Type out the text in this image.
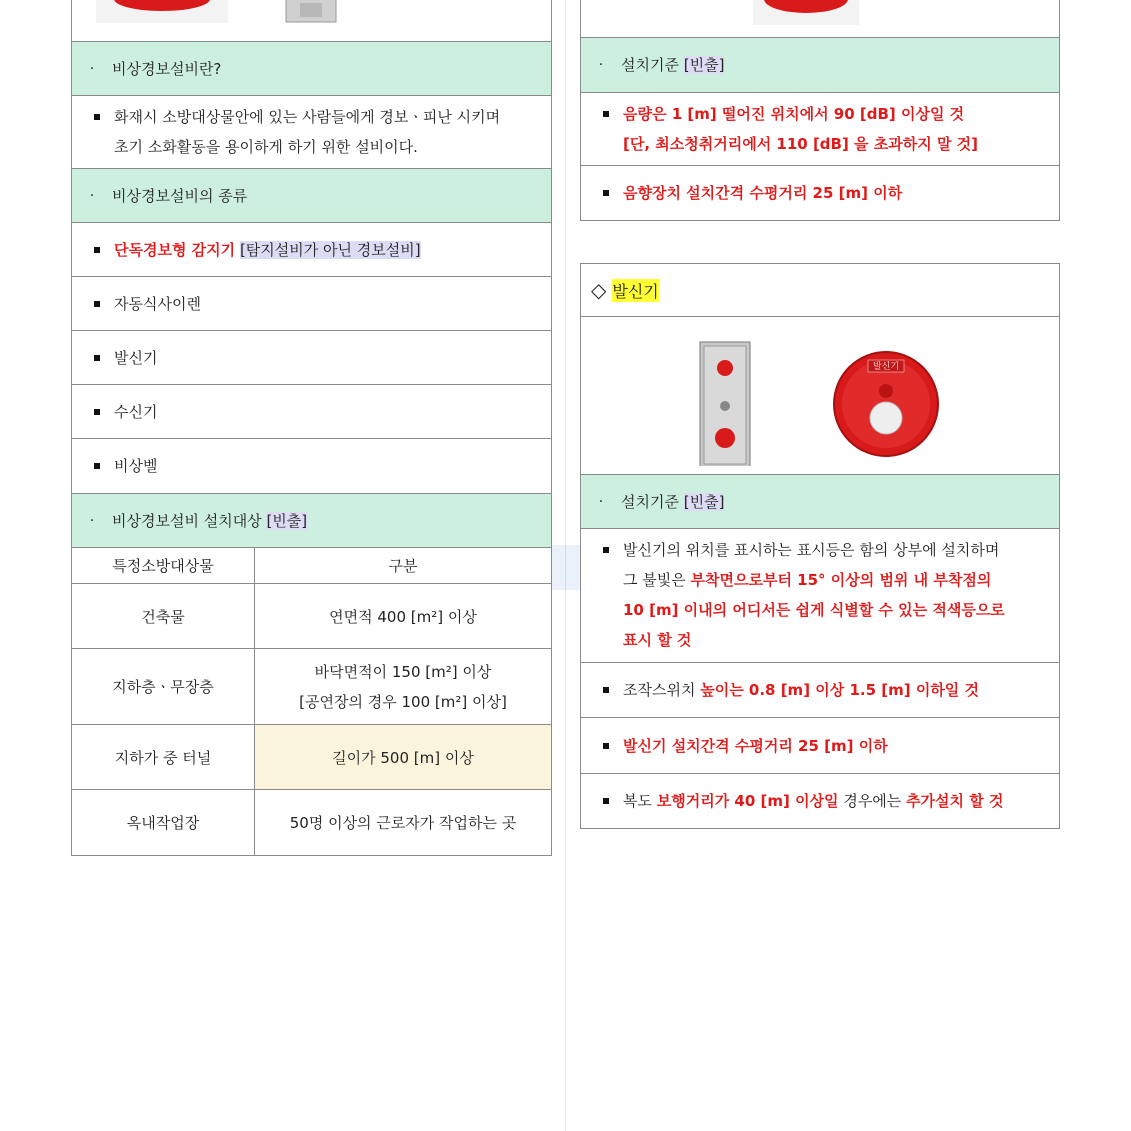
·	비상경보설비란?
화재시 소방대상물안에 있는 사람들에게 경보ㆍ피난 시키며
초기 소화활동을 용이하게 하기 위한 설비이다.
·	비상경보설비의 종류
단독경보형 감지기 [탐지설비가 아닌 경보설비]
자동식사이렌
발신기
수신기
비상벨
·	비상경보설비 설치대상 [빈출]
특정소방대상물	구분
건축물	연면적 400 [m²] 이상
지하층ㆍ무장층	바닥면적이 150 [m²] 이상
[공연장의 경우 100 [m²] 이상]

지하가 중 터널	길이가 500 [m] 이상
옥내작업장	50명 이상의 근로자가 작업하는 곳
·	설치기준 [빈출]
음량은 1 [m] 떨어진 위치에서 90 [dB] 이상일 것
[단, 최소청취거리에서 110 [dB] 을 초과하지 말 것]
음향장치 설치간격 수평거리 25 [m] 이하
◇ 발신기
발신기
·	설치기준 [빈출]
발신기의 위치를 표시하는 표시등은 함의 상부에 설치하며
그 불빛은 부착면으로부터 15° 이상의 범위 내 부착점의
10 [m] 이내의 어디서든 쉽게 식별할 수 있는 적색등으로
표시 할 것
조작스위치 높이는 0.8 [m] 이상 1.5 [m] 이하일 것
발신기 설치간격 수평거리 25 [m] 이하
복도 보행거리가 40 [m] 이상일 경우에는 추가설치 할 것
